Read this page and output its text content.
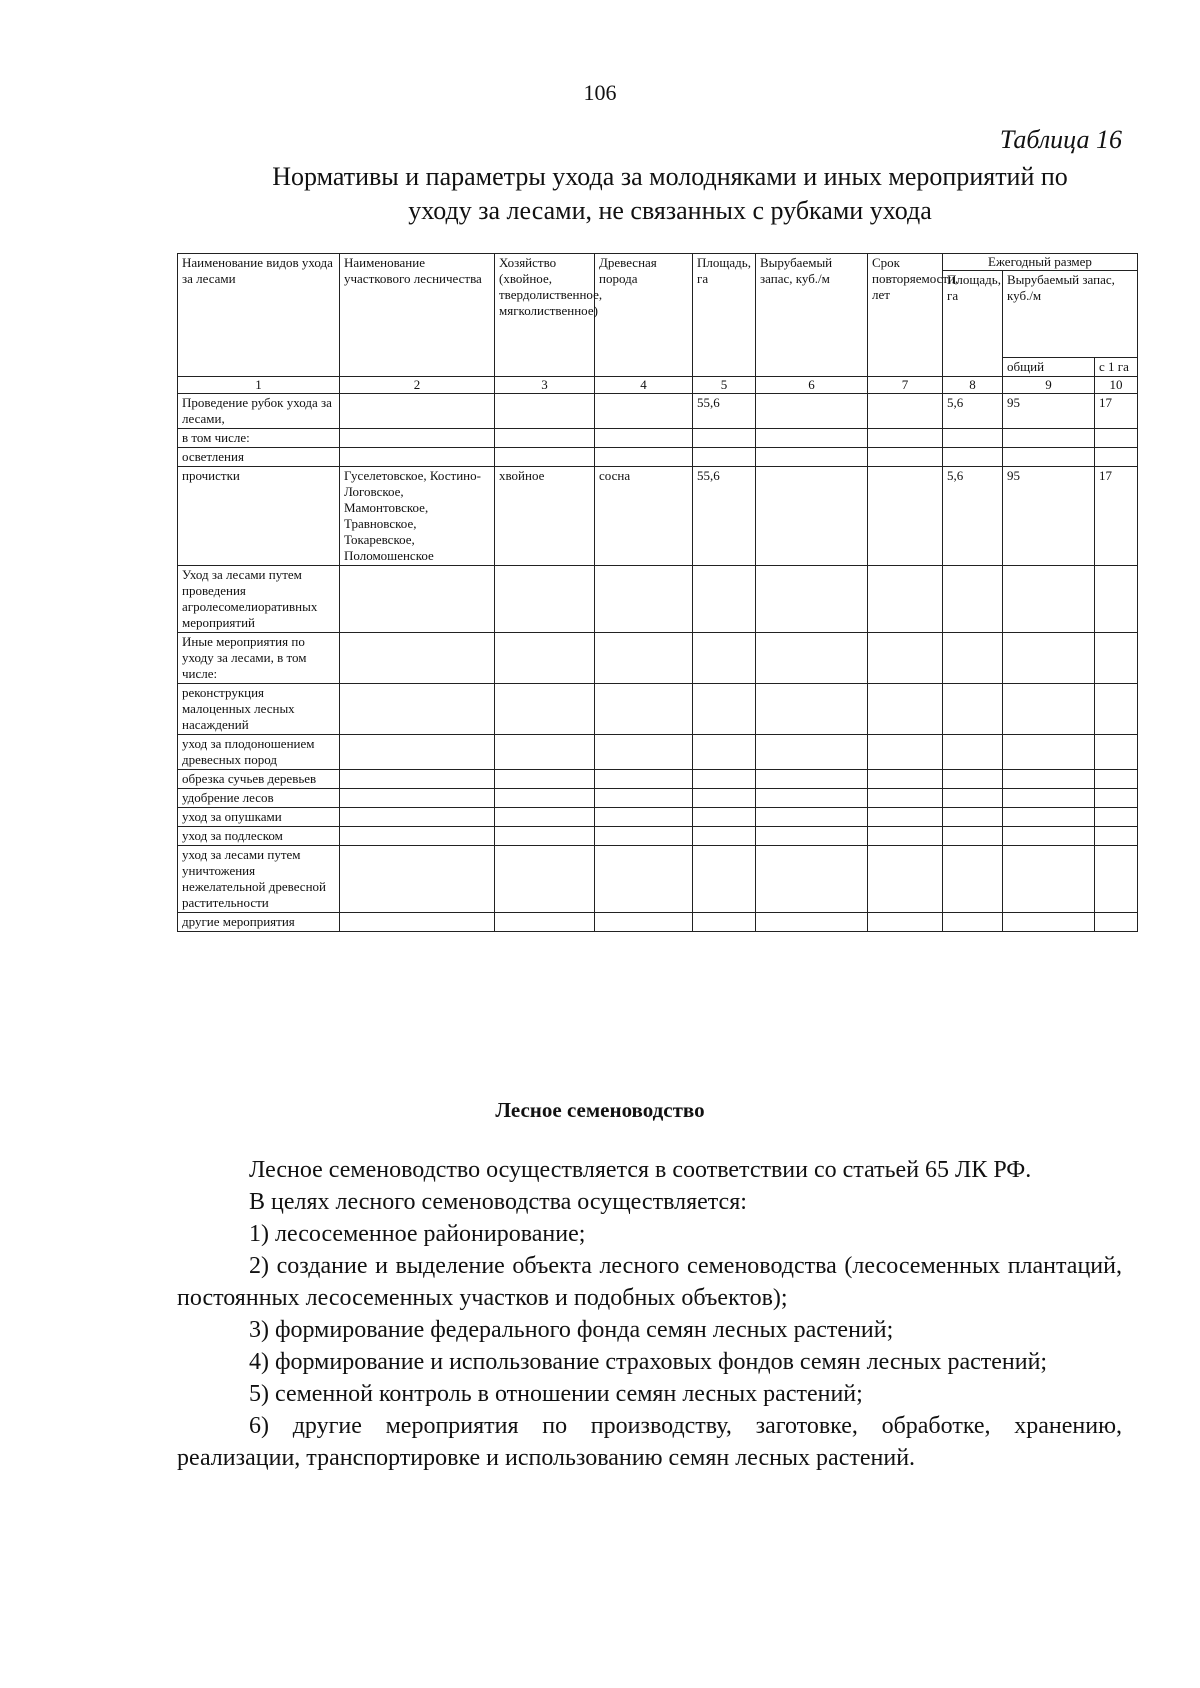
106
Таблица 16
Нормативы и параметры ухода за молодняками и иных мероприятий по
уходу за лесами, не связанных с рубками ухода
Наименование видов ухода за лесами	Наименование участкового лесничества	Хозяйство (хвойное, твердолиственное, мягколиственное)	Древесная порода	Площадь, га	Вырубаемый запас, куб./м	Срок повторяемости, лет	Ежегодный размер		
							Площадь, га	Вырубаемый запас, куб./м	
								общий	с 1 га
1	2	3	4	5	6	7	8	9	10
Проведение рубок ухода за лесами,				55,6			5,6	95	17
в том числе:									
осветления									
прочистки	Гуселетовское, Костино-Логовское, Мамонтовское, Травновское, Токаревское, Поломошенское	хвойное	сосна	55,6			5,6	95	17
Уход за лесами путем проведения агролесомелиоративных мероприятий									
Иные мероприятия по уходу за лесами, в том числе:									
реконструкция малоценных лесных насаждений									
уход за плодоношением древесных пород									
обрезка сучьев деревьев									
удобрение лесов									
уход за опушками									
уход за подлеском									
уход за лесами путем уничтожения нежелательной древесной растительности									
другие мероприятия									
Лесное семеноводство

Лесное семеноводство осуществляется в соответствии со статьей 65 ЛК РФ.

В целях лесного семеноводства осуществляется:

1) лесосеменное районирование;

2) создание и выделение объекта лесного семеноводства (лесосеменных плантаций, постоянных лесосеменных участков и подобных объектов);

3) формирование федерального фонда семян лесных растений;

4) формирование и использование страховых фондов семян лесных растений;

5) семенной контроль в отношении семян лесных растений;

6) другие мероприятия по производству, заготовке, обработке, хранению, реализации, транспортировке и использованию семян лесных растений.
